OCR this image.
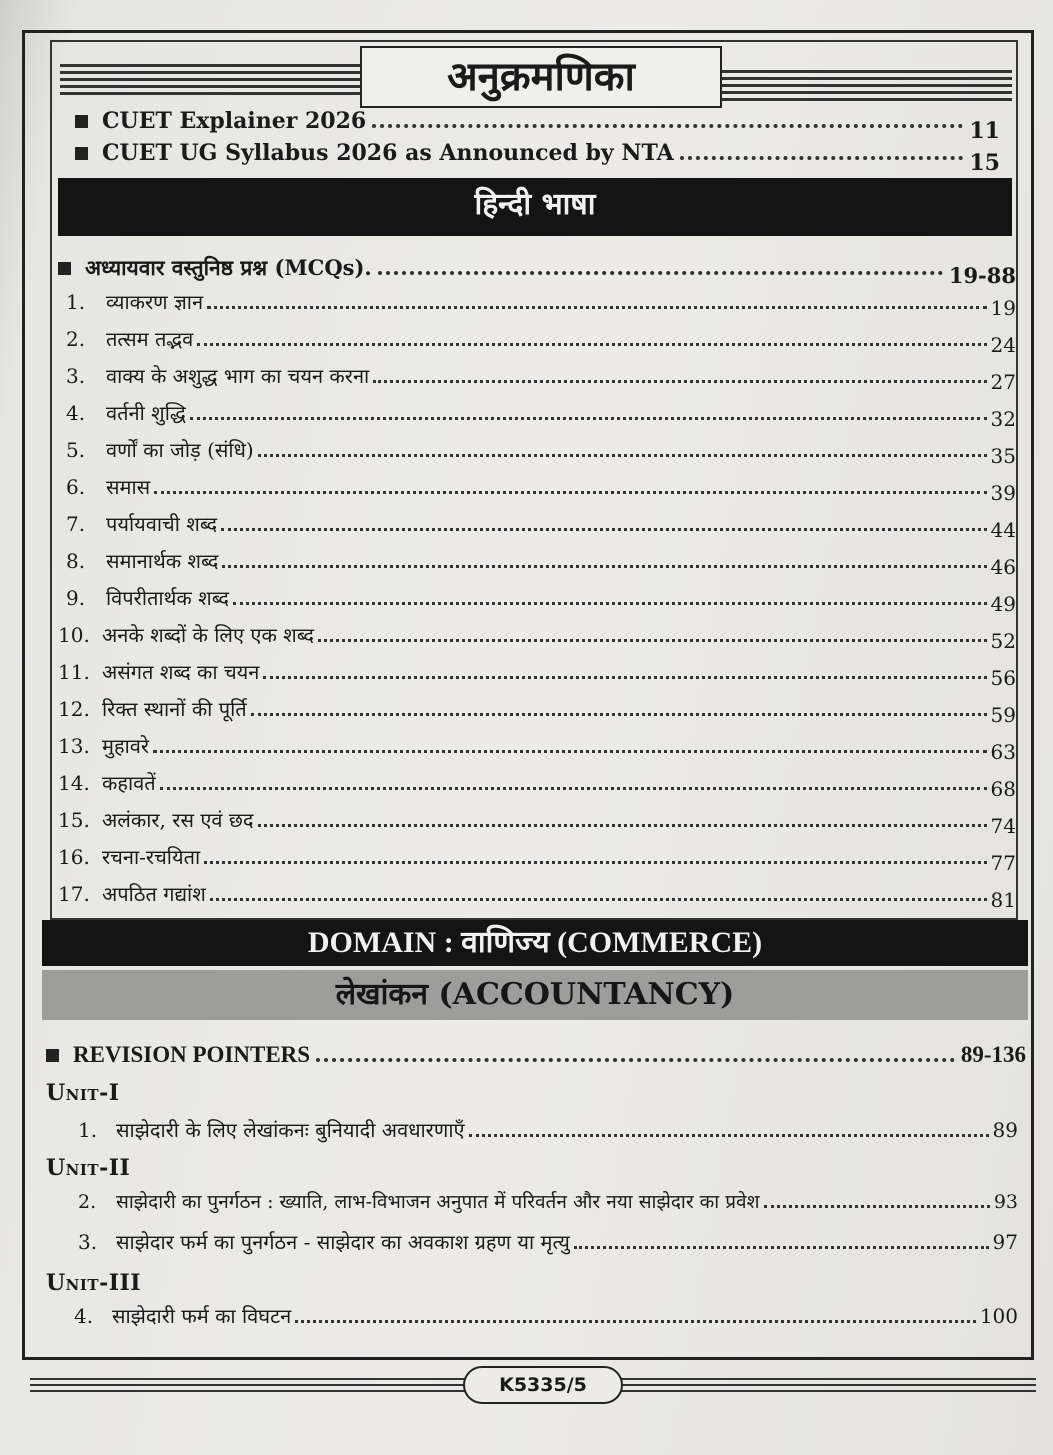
अनुक्रमणिका
CUET Explainer 2026	11
CUET UG Syllabus 2026 as Announced by NTA	15
हिन्दी भाषा
अध्यायवार वस्तुनिष्ठ प्रश्न (MCQs).	19-88
1.	व्याकरण ज्ञान	19
2.	तत्सम तद्भव	24
3.	वाक्य के अशुद्ध भाग का चयन करना	27
4.	वर्तनी शुद्धि	32
5.	वर्णों का जोड़ (संधि)	35
6.	समास	39
7.	पर्यायवाची शब्द	44
8.	समानार्थक शब्द	46
9.	विपरीतार्थक शब्द	49
10. अनके शब्दों के लिए एक शब्द	52
11. असंगत शब्द का चयन	56
12. रिक्त स्थानों की पूर्ति	59
13. मुहावरे	63
14. कहावतें	68
15. अलंकार, रस एवं छद	74
16. रचना-रचयिता	77
17. अपठित गद्यांश	81
DOMAIN : वाणिज्य (COMMERCE)
लेखांकन (ACCOUNTANCY)
REVISION POINTERS	89-136
Unit-I
1. साझेदारी के लिए लेखांकनः बुनियादी अवधारणाएँ	89
Unit-II
2.	साझेदारी का पुनर्गठन : ख्याति, लाभ-विभाजन अनुपात में परिवर्तन और नया साझेदार का प्रवेश	93
3. साझेदार फर्म का पुनर्गठन - साझेदार का अवकाश ग्रहण या मृत्यु	97
Unit-III
4. साझेदारी फर्म का विघटन	100
K5335/5
